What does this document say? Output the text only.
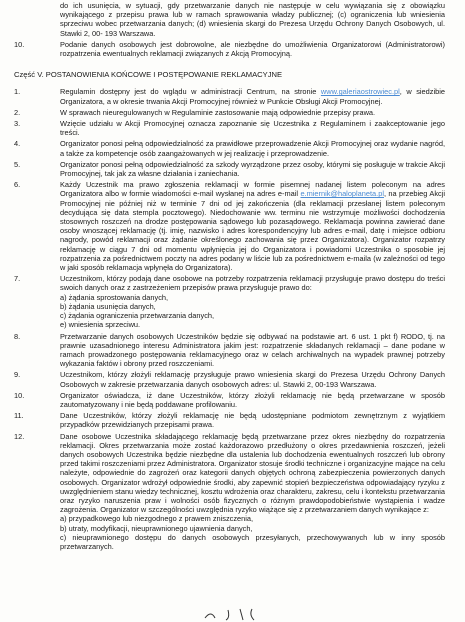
do ich usunięcia, w sytuacji, gdy przetwarzanie danych nie następuje w celu wywiązania się z obowiązku wynikającego z przepisu prawa lub w ramach sprawowania władzy publicznej; (c) ograniczenia lub wniesienia sprzeciwu wobec przetwarzania danych; (d) wniesienia skargi do Prezesa Urzędu Ochrony Danych Osobowych, ul. Stawki 2, 00- 193 Warszawa.
10.	Podanie danych osobowych jest dobrowolne, ale niezbędne do umożliwienia Organizatorowi (Administratorowi) rozpatrzenia ewentualnych reklamacji związanych z Akcją Promocyjną.
Część V. POSTANOWIENIA KOŃCOWE I POSTĘPOWANIE REKLAMACYJNE
1.	Regulamin dostępny jest do wglądu w administracji Centrum, na stronie www.galeriaostrowiec.pl, w siedzibie Organizatora, a w okresie trwania Akcji Promocyjnej również w Punkcie Obsługi Akcji Promocyjnej.
2.	W sprawach nieuregulowanych w Regulaminie zastosowanie mają odpowiednie przepisy prawa.
3.	Wzięcie udziału w Akcji Promocyjnej oznacza zapoznanie się Uczestnika z Regulaminem i zaakceptowanie jego treści.
4.	Organizator ponosi pełną odpowiedzialność za prawidłowe przeprowadzenie Akcji Promocyjnej oraz wydanie nagród, a także za kompetencje osób zaangażowanych w jej realizację i przeprowadzenie.
5.	Organizator ponosi pełną odpowiedzialność za szkody wyrządzone przez osoby, którymi się posługuje w trakcie Akcji Promocyjnej, tak jak za własne działania i zaniechania.
6.	Każdy Uczestnik ma prawo zgłoszenia reklamacji w formie pisemnej nadanej listem poleconym na adres Organizatora albo w formie wiadomości e-mail wysłanej na adres e-mail e.miernik@haloplaneta.pl, na przebieg Akcji Promocyjnej nie później niż w terminie 7 dni od jej zakończenia (dla reklamacji przesłanej listem poleconym decydująca się data stempla pocztowego). Niedochowanie ww. terminu nie wstrzymuje możliwości dochodzenia stosownych roszczeń na drodze postępowania sądowego lub pozasądowego. Reklamacja powinna zawierać dane osoby wnoszącej reklamację (tj. imię, nazwisko i adres korespondencyjny lub adres e-mail, datę i miejsce odbioru nagrody, powód reklamacji oraz żądanie określonego zachowania się przez Organizatora). Organizator rozpatrzy reklamację w ciągu 7 dni od momentu wpłynięcia jej do Organizatora i powiadomi Uczestnika o sposobie jej rozpatrzenia za pośrednictwem poczty na adres podany w liście lub za pośrednictwem e-maila (w zależności od tego w jaki sposób reklamacja wpłynęła do Organizatora).
7.	Uczestnikom, którzy podają dane osobowe na potrzeby rozpatrzenia reklamacji przysługuje prawo dostępu do treści swoich danych oraz z zastrzeżeniem przepisów prawa przysługuje prawo do:
a) żądania sprostowania danych,
b) żądania usunięcia danych,
c) żądania ograniczenia przetwarzania danych,
e) wniesienia sprzeciwu.
8.	Przetwarzanie danych osobowych Uczestników będzie się odbywać na podstawie art. 6 ust. 1 pkt f) RODO, tj. na prawnie uzasadnionego interesu Administratora jakim jest: rozpatrzenie składanych reklamacji – dane podane w ramach prowadzonego postępowania reklamacyjnego oraz w celach archiwalnych na wypadek prawnej potrzeby wykazania faktów i obrony przed roszczeniami.
9.	Uczestnikom, którzy złożyli reklamację przysługuje prawo wniesienia skargi do Prezesa Urzędu Ochrony Danych Osobowych w zakresie przetwarzania danych osobowych adres: ul. Stawki 2, 00-193 Warszawa.
10.	Organizator oświadcza, iż dane Uczestników, którzy złożyli reklamację nie będą przetwarzane w sposób zautomatyzowany i nie będą poddawane profilowaniu.
11.	Dane Uczestników, którzy złożyli reklamację nie będą udostępniane podmiotom zewnętrznym z wyjątkiem przypadków przewidzianych przepisami prawa.
12.	Dane osobowe Uczestnika składającego reklamację będą przetwarzane przez okres niezbędny do rozpatrzenia reklamacji. Okres przetwarzania może zostać każdorazowo przedłużony o okres przedawnienia roszczeń, jeżeli danych osobowych Uczestnika będzie niezbędne dla ustalenia lub dochodzenia ewentualnych roszczeń lub obrony przed takimi roszczeniami przez Administratora. Organizator stosuje środki techniczne i organizacyjne mające na celu należyte, odpowiednie do zagrożeń oraz kategorii danych objętych ochroną zabezpieczenia powierzonych danych osobowych. Organizator wdrożył odpowiednie środki, aby zapewnić stopień bezpieczeństwa odpowiadający ryzyku z uwzględnieniem stanu wiedzy technicznej, kosztu wdrożenia oraz charakteru, zakresu, celu i kontekstu przetwarzania oraz ryzyko naruszenia praw i wolności osób fizycznych o różnym prawdopodobieństwie wystąpienia i wadze zagrożenia. Organizator w szczególności uwzględnia ryzyko wiążące się z przetwarzaniem danych wynikające z:
a) przypadkowego lub niezgodnego z prawem zniszczenia,
b) utraty, modyfikacji, nieuprawnionego ujawnienia danych,
c) nieuprawnionego dostępu do danych osobowych przesyłanych, przechowywanych lub w inny sposób przetwarzanych.
